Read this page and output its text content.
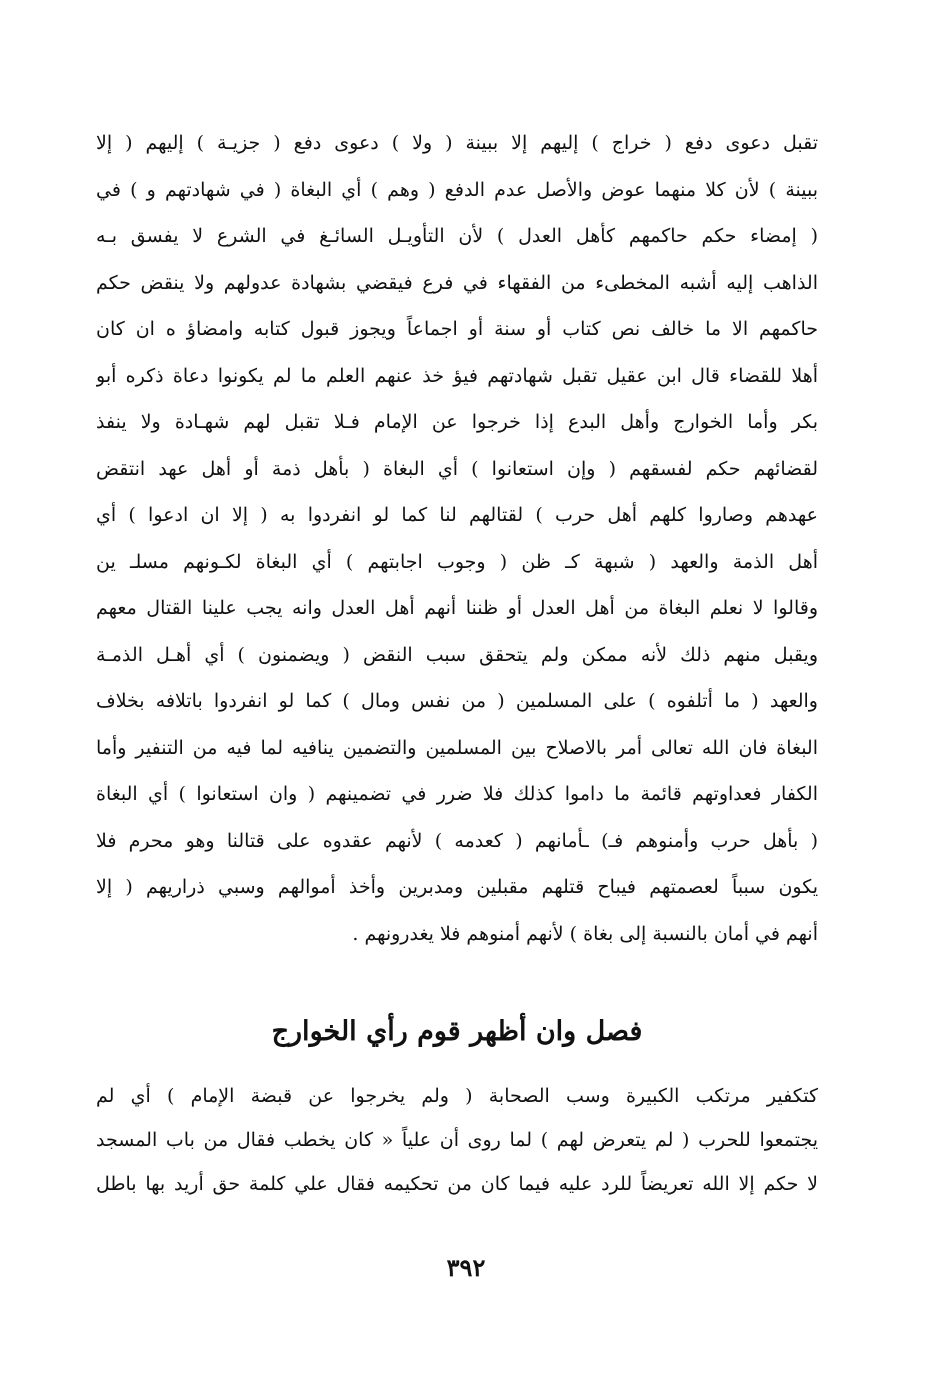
تقبل دعوى دفع ( خراج ) إليهم إلا ببينة ( ولا ) دعوى دفع ( جزيـة ) إليهم ( إلا
ببينة ) لأن كلا منهما عوض والأصل عدم الدفع ( وهم ) أي البغاة ( في شهادتهم و ) في
( إمضاء حكم حاكمهم كأهل العدل ) لأن التأويـل السائـغ في الشرع لا يفسق بـه
الذاهب إليه أشبه المخطىء من الفقهاء في فرع فيقضي بشهادة عدولهم ولا ينقض حكم
حاكمهم الا ما خالف نص كتاب أو سنة أو اجماعاً ويجوز قبول كتابه وامضاؤ ه ان كان
أهلا للقضاء قال ابن عقيل تقبل شهادتهم فيؤ خذ عنهم العلم ما لم يكونوا دعاة ذكره أبو
بكر وأما الخوارج وأهل البدع إذا خرجوا عن الإمام فـلا تقبل لهم شهـادة ولا ينفذ
لقضائهم حكم لفسقهم ( وإن استعانوا ) أي البغاة ( بأهل ذمة أو أهل عهد انتقض
عهدهم وصاروا كلهم أهل حرب ) لقتالهم لنا كما لو انفردوا به ( إلا ان ادعوا ) أي
أهل الذمة والعهد ( شبهة كـ ظن ( وجوب اجابتهم ) أي البغاة لكـونهم مسلـ ين
وقالوا لا نعلم البغاة من أهل العدل أو ظننا أنهم أهل العدل وانه يجب علينا القتال معهم
ويقبل منهم ذلك لأنه ممكن ولم يتحقق سبب النقض ( ويضمنون ) أي أهـل الذمـة
والعهد ( ما أتلفوه ) على المسلمين ( من نفس ومال ) كما لو انفردوا باتلافه بخلاف
البغاة فان الله تعالى أمر بالاصلاح بين المسلمين والتضمين ينافيه لما فيه من التنفير وأما
الكفار فعداوتهم قائمة ما داموا كذلك فلا ضرر في تضمينهم ( وان استعانوا ) أي البغاة
( بأهل حرب وأمنوهم فـ) ـأمانهم ( كعدمه ) لأنهم عقدوه على قتالنا وهو محرم فلا
يكون سبباً لعصمتهم فيباح قتلهم مقبلين ومدبرين وأخذ أموالهم وسبي ذراريهم ( إلا
أنهم في أمان بالنسبة إلى بغاة ) لأنهم أمنوهم فلا يغدرونهم .
فصل وان أظهر قوم رأي الخوارج
كتكفير مرتكب الكبيرة وسب الصحابة ( ولم يخرجوا عن قبضة الإمام ) أي لم
يجتمعوا للحرب ( لم يتعرض لهم ) لما روى أن علياً « كان يخطب فقال من باب المسجد
لا حكم إلا الله تعريضاً للرد عليه فيما كان من تحكيمه فقال علي كلمة حق أريد بها باطل
٣٩٢
